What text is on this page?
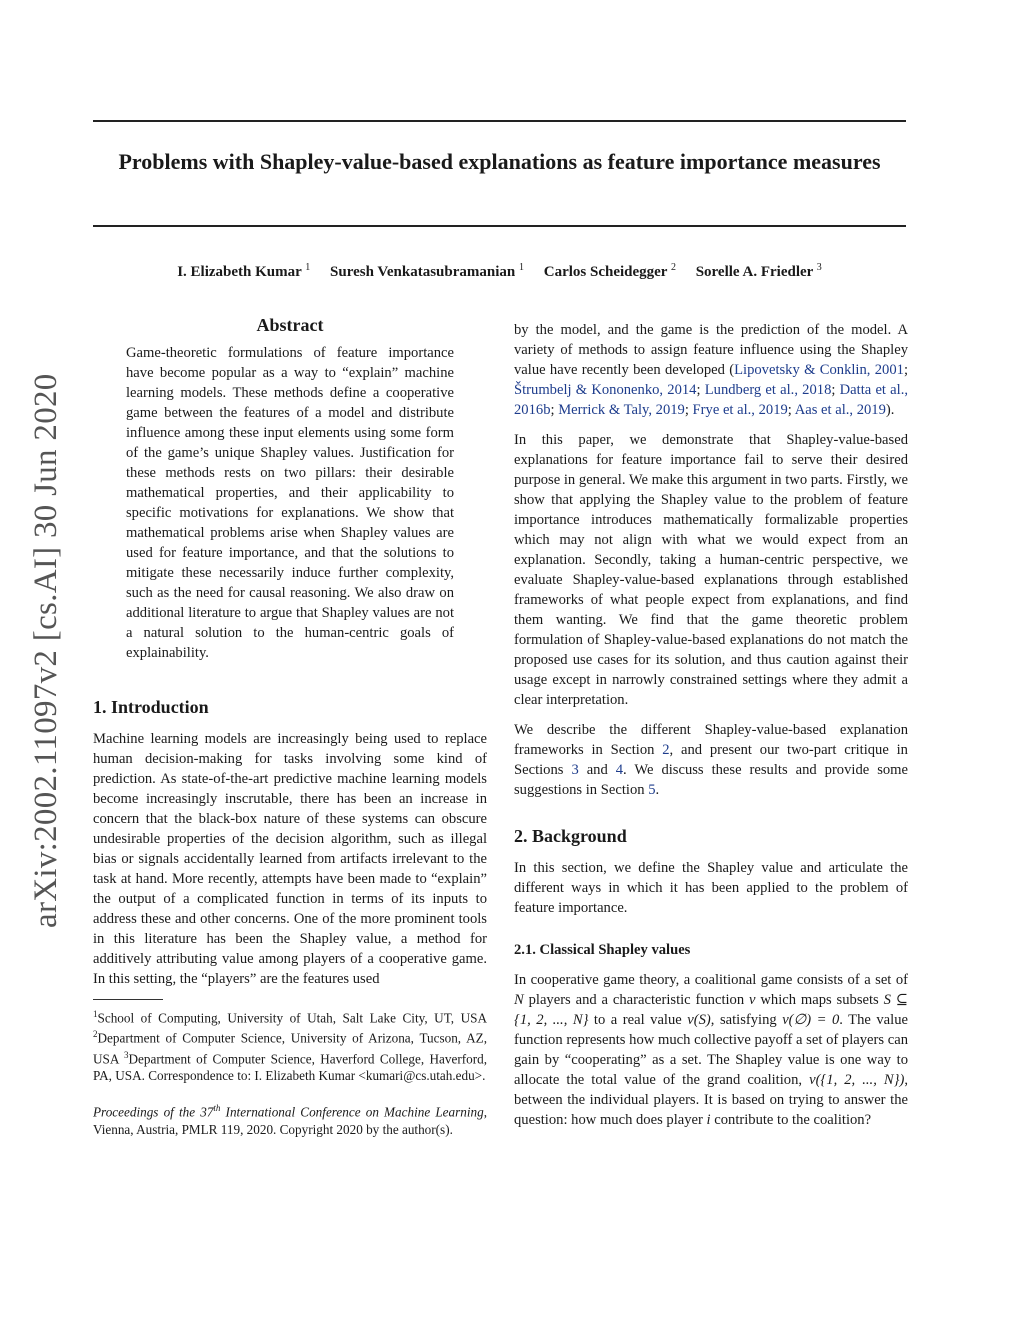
Problems with Shapley-value-based explanations as feature importance measures
I. Elizabeth Kumar $^1$ Suresh Venkatasubramanian $^1$ Carlos Scheidegger $^2$ Sorelle A. Friedler $^3$
arXiv:2002.11097v2 [cs.AI] 30 Jun 2020
Abstract
Game-theoretic formulations of feature importance have become popular as a way to “explain” machine learning models. These methods define a cooperative game between the features of a model and distribute influence among these input elements using some form of the game’s unique Shapley values. Justification for these methods rests on two pillars: their desirable mathematical properties, and their applicability to specific motivations for explanations. We show that mathematical problems arise when Shapley values are used for feature importance, and that the solutions to mitigate these necessarily induce further complexity, such as the need for causal reasoning. We also draw on additional literature to argue that Shapley values are not a natural solution to the human-centric goals of explainability.
1. Introduction

Machine learning models are increasingly being used to replace human decision-making for tasks involving some kind of prediction. As state-of-the-art predictive machine learning models become increasingly inscrutable, there has been an increase in concern that the black-box nature of these systems can obscure undesirable properties of the decision algorithm, such as illegal bias or signals accidentally learned from artifacts irrelevant to the task at hand. More recently, attempts have been made to “explain” the output of a complicated function in terms of its inputs to address these and other concerns. One of the more prominent tools in this literature has been the Shapley value, a method for additively attributing value among players of a cooperative game. In this setting, the “players” are the features used

$^1$School of Computing, University of Utah, Salt Lake City, UT, USA $^2$Department of Computer Science, University of Arizona, Tucson, AZ, USA $^3$Department of Computer Science, Haverford College, Haverford, PA, USA. Correspondence to: I. Elizabeth Kumar <kumari@cs.utah.edu>.
Proceedings of the 37th International Conference on Machine Learning, Vienna, Austria, PMLR 119, 2020. Copyright 2020 by the author(s).

by the model, and the game is the prediction of the model. A variety of methods to assign feature influence using the Shapley value have recently been developed (Lipovetsky & Conklin, 2001; Štrumbelj & Kononenko, 2014; Lundberg et al., 2018; Datta et al., 2016b; Merrick & Taly, 2019; Frye et al., 2019; Aas et al., 2019).

In this paper, we demonstrate that Shapley-value-based explanations for feature importance fail to serve their desired purpose in general. We make this argument in two parts. Firstly, we show that applying the Shapley value to the problem of feature importance introduces mathematically formalizable properties which may not align with what we would expect from an explanation. Secondly, taking a human-centric perspective, we evaluate Shapley-value-based explanations through established frameworks of what people expect from explanations, and find them wanting. We find that the game theoretic problem formulation of Shapley-value-based explanations do not match the proposed use cases for its solution, and thus caution against their usage except in narrowly constrained settings where they admit a clear interpretation.

We describe the different Shapley-value-based explanation frameworks in Section 2, and present our two-part critique in Sections 3 and 4. We discuss these results and provide some suggestions in Section 5.

2. Background

In this section, we define the Shapley value and articulate the different ways in which it has been applied to the problem of feature importance.

2.1. Classical Shapley values

In cooperative game theory, a coalitional game consists of a set of N players and a characteristic function v which maps subsets S ⊆ {1, 2, ..., N} to a real value v(S), satisfying v(∅) = 0. The value function represents how much collective payoff a set of players can gain by “cooperating” as a set. The Shapley value is one way to allocate the total value of the grand coalition, v({1, 2, ..., N}), between the individual players. It is based on trying to answer the question: how much does player i contribute to the coalition?
